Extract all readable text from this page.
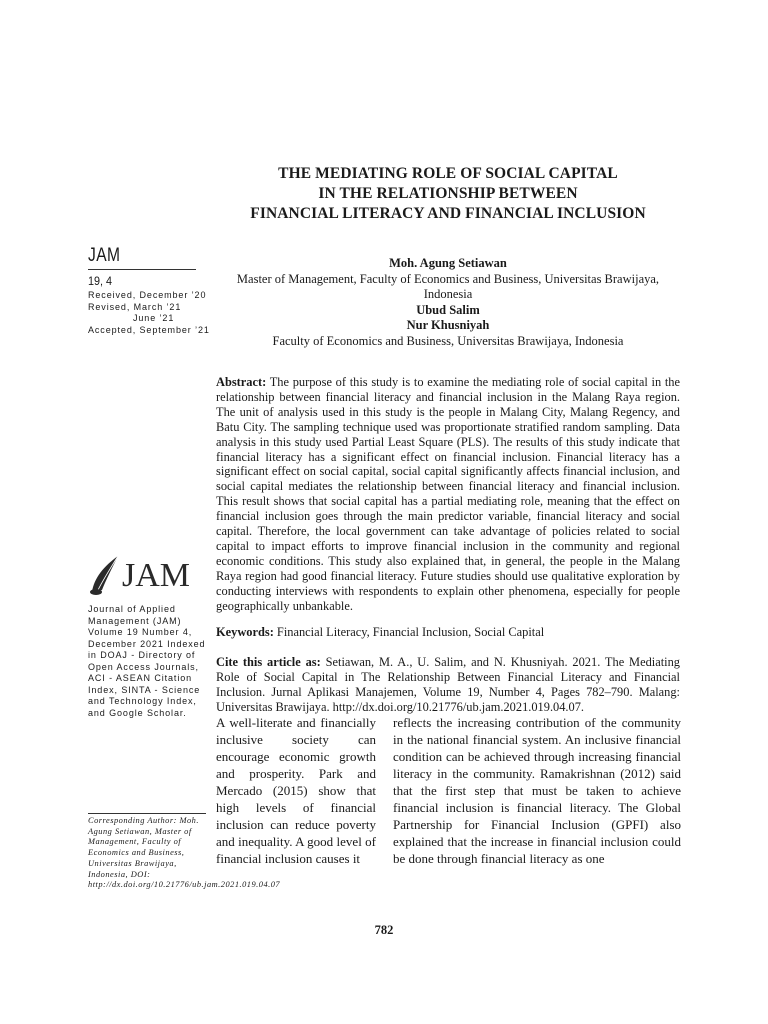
THE MEDIATING ROLE OF SOCIAL CAPITAL
IN THE RELATIONSHIP BETWEEN
FINANCIAL LITERACY AND FINANCIAL INCLUSION
JAM
19, 4
Received, December ’20
Revised, March ’21
June ’21
Accepted, September ’21
Moh. Agung Setiawan
Master of Management, Faculty of Economics and Business, Universitas Brawijaya,
Indonesia
Ubud Salim
Nur Khusniyah
Faculty of Economics and Business, Universitas Brawijaya, Indonesia
Abstract: The purpose of this study is to examine the mediating role of social capital in the relationship between financial literacy and financial inclusion in the Malang Raya region. The unit of analysis used in this study is the people in Malang City, Malang Regency, and Batu City. The sampling technique used was proportionate stratified random sampling. Data analysis in this study used Partial Least Square (PLS). The results of this study indicate that financial literacy has a significant effect on financial inclusion. Financial literacy has a significant effect on social capital, social capital significantly affects financial inclusion, and social capital mediates the relationship between financial literacy and financial inclusion. This result shows that social capital has a partial mediating role, meaning that the effect on financial inclusion goes through the main predictor variable, financial literacy and social capital. Therefore, the local government can take advantage of policies related to social capital to impact efforts to improve financial inclusion in the community and regional economic conditions. This study also explained that, in general, the people in the Malang Raya region had good financial literacy. Future studies should use qualitative exploration by conducting interviews with respondents to explain other phenomena, especially for people geographically unbankable.
JAM
Journal of Applied Management (JAM) Volume 19 Number 4, December 2021 Indexed in DOAJ - Directory of Open Access Journals, ACI - ASEAN Citation Index, SINTA - Science and Technology Index, and Google Scholar.
Keywords: Financial Literacy, Financial Inclusion, Social Capital
Cite this article as: Setiawan, M. A., U. Salim, and N. Khusniyah. 2021. The Mediating Role of Social Capital in The Relationship Between Financial Literacy and Financial Inclusion. Jurnal Aplikasi Manajemen, Volume 19, Number 4, Pages 782–790. Malang: Universitas Brawijaya. http://dx.doi.org/10.21776/ub.jam.2021.019.04.07.
A well-literate and financially inclusive society can encourage economic growth and prosperity. Park and Mercado (2015) show that high levels of financial inclusion can reduce poverty and inequality. A good level of financial inclusion causes it
reflects the increasing contribution of the community in the national financial system. An inclusive financial condition can be achieved through increasing financial literacy in the community. Ramakrishnan (2012) said that the first step that must be taken to achieve financial inclusion is financial literacy. The Global Partnership for Financial Inclusion (GPFI) also explained that the increase in financial inclusion could be done through financial literacy as one
Corresponding Author: Moh. Agung Setiawan, Master of Management, Faculty of Economics and Business, Universitas Brawijaya, Indonesia, DOI: http://dx.doi.org/10.21776/ub.jam.2021.019.04.07
782
